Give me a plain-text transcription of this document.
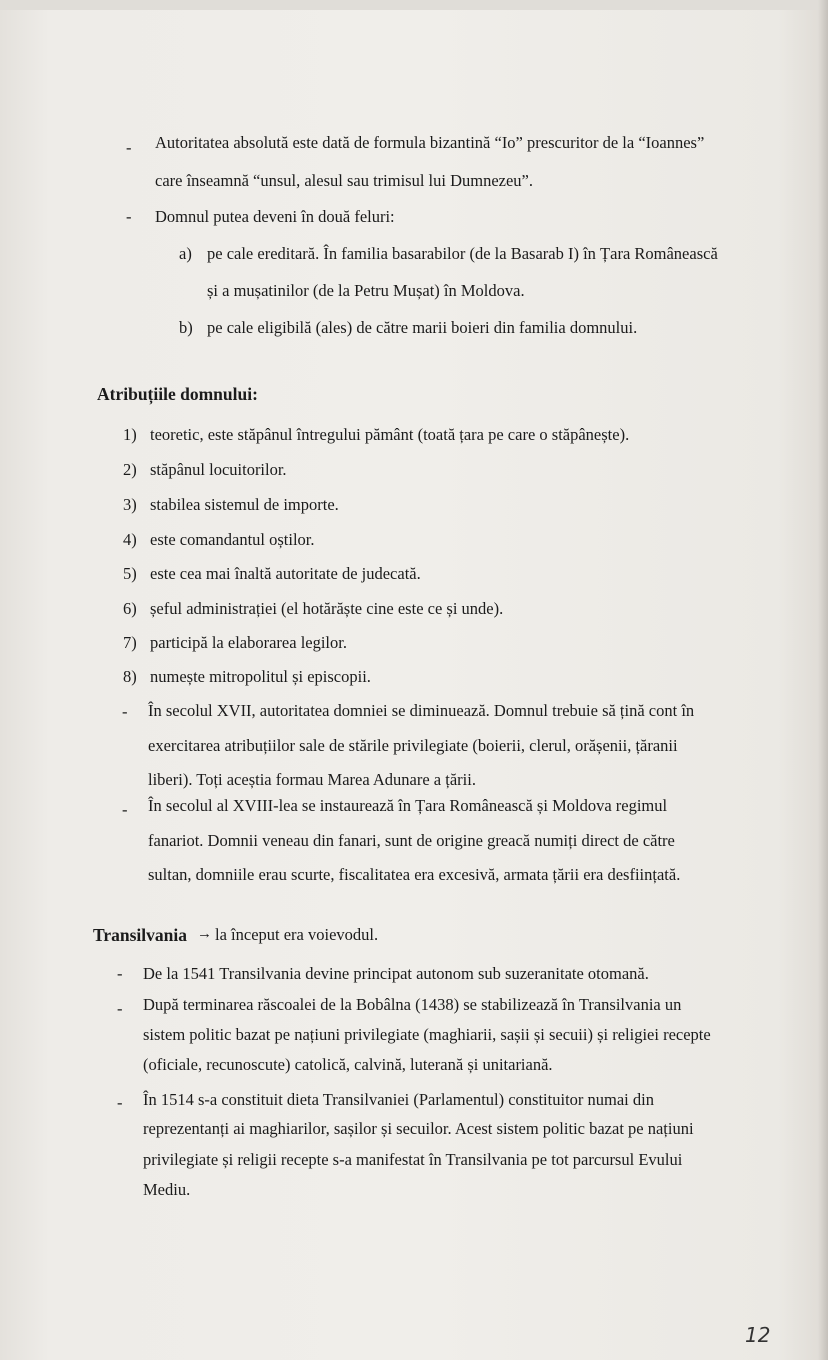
- Autoritatea absolută este dată de formula bizantină “Io” prescuritor de la “Ioannes”
care înseamnă “unsul, alesul sau trimisul lui Dumnezeu”.
- Domnul putea deveni în două feluri:
a) pe cale ereditară. În familia basarabilor (de la Basarab I) în Țara Românească
și a mușatinilor (de la Petru Mușat) în Moldova.
b) pe cale eligibilă (ales) de către marii boieri din familia domnului.
Atribuțiile domnului:
1) teoretic, este stăpânul întregului pământ (toată țara pe care o stăpânește).
2) stăpânul locuitorilor.
3) stabilea sistemul de importe.
4) este comandantul oștilor.
5) este cea mai înaltă autoritate de judecată.
6) șeful administrației (el hotărăște cine este ce și unde).
7) participă la elaborarea legilor.
8) numește mitropolitul și episcopii.
- În secolul XVII, autoritatea domniei se diminuează. Domnul trebuie să țină cont în
exercitarea atribuțiilor sale de stările privilegiate (boierii, clerul, orășenii, țăranii
liberi). Toți aceștia formau Marea Adunare a țării.
- În secolul al XVIII-lea se instaurează în Țara Românească și Moldova regimul
fanariot. Domnii veneau din fanari, sunt de origine greacă numiți direct de către
sultan, domniile erau scurte, fiscalitatea era excesivă, armata țării era desființată.
Transilvania → la început era voievodul.
- De la 1541 Transilvania devine principat autonom sub suzeranitate otomană.
- După terminarea răscoalei de la Bobâlna (1438) se stabilizează în Transilvania un
sistem politic bazat pe națiuni privilegiate (maghiarii, sașii și secuii) și religiei recepte
(oficiale, recunoscute) catolică, calvină, luterană și unitariană.
- În 1514 s-a constituit dieta Transilvaniei (Parlamentul) constituitor numai din
reprezentanți ai maghiarilor, sașilor și secuilor. Acest sistem politic bazat pe națiuni
privilegiate și religii recepte s-a manifestat în Transilvania pe tot parcursul Evului
Mediu.
12
